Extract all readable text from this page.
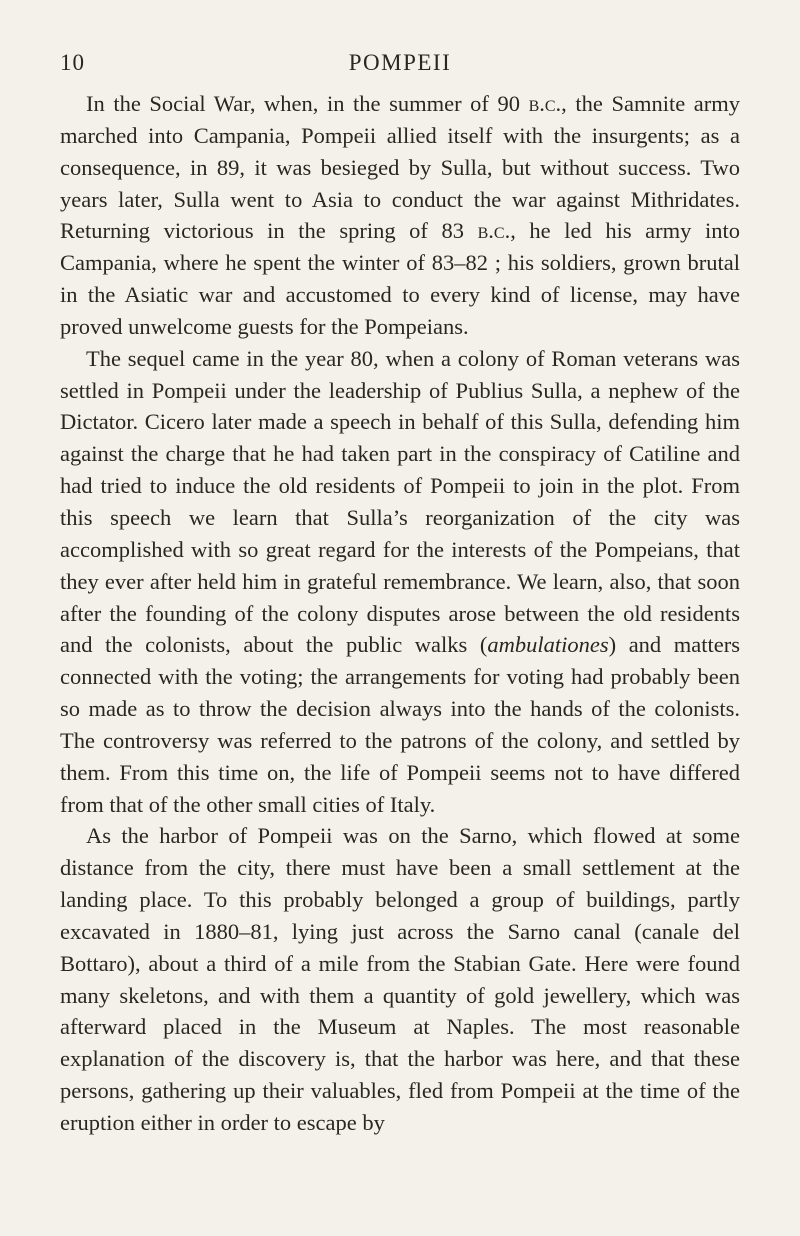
10	POMPEII

In the Social War, when, in the summer of 90 b.c., the Samnite army marched into Campania, Pompeii allied itself with the insurgents; as a consequence, in 89, it was besieged by Sulla, but without success. Two years later, Sulla went to Asia to conduct the war against Mithridates. Returning victorious in the spring of 83 b.c., he led his army into Campania, where he spent the winter of 83–82 ; his soldiers, grown brutal in the Asiatic war and accustomed to every kind of license, may have proved unwelcome guests for the Pompeians.

The sequel came in the year 80, when a colony of Roman veterans was settled in Pompeii under the leadership of Publius Sulla, a nephew of the Dictator. Cicero later made a speech in behalf of this Sulla, defending him against the charge that he had taken part in the conspiracy of Catiline and had tried to induce the old residents of Pompeii to join in the plot. From this speech we learn that Sulla’s reorganization of the city was accomplished with so great regard for the interests of the Pompeians, that they ever after held him in grateful remembrance. We learn, also, that soon after the founding of the colony disputes arose between the old residents and the colonists, about the public walks (ambulationes) and matters connected with the voting; the arrangements for voting had probably been so made as to throw the decision always into the hands of the colonists. The controversy was referred to the patrons of the colony, and settled by them. From this time on, the life of Pompeii seems not to have differed from that of the other small cities of Italy.

As the harbor of Pompeii was on the Sarno, which flowed at some distance from the city, there must have been a small settlement at the landing place. To this probably belonged a group of buildings, partly excavated in 1880–81, lying just across the Sarno canal (canale del Bottaro), about a third of a mile from the Stabian Gate. Here were found many skeletons, and with them a quantity of gold jewellery, which was afterward placed in the Museum at Naples. The most reasonable explanation of the discovery is, that the harbor was here, and that these persons, gathering up their valuables, fled from Pompeii at the time of the eruption either in order to escape by
